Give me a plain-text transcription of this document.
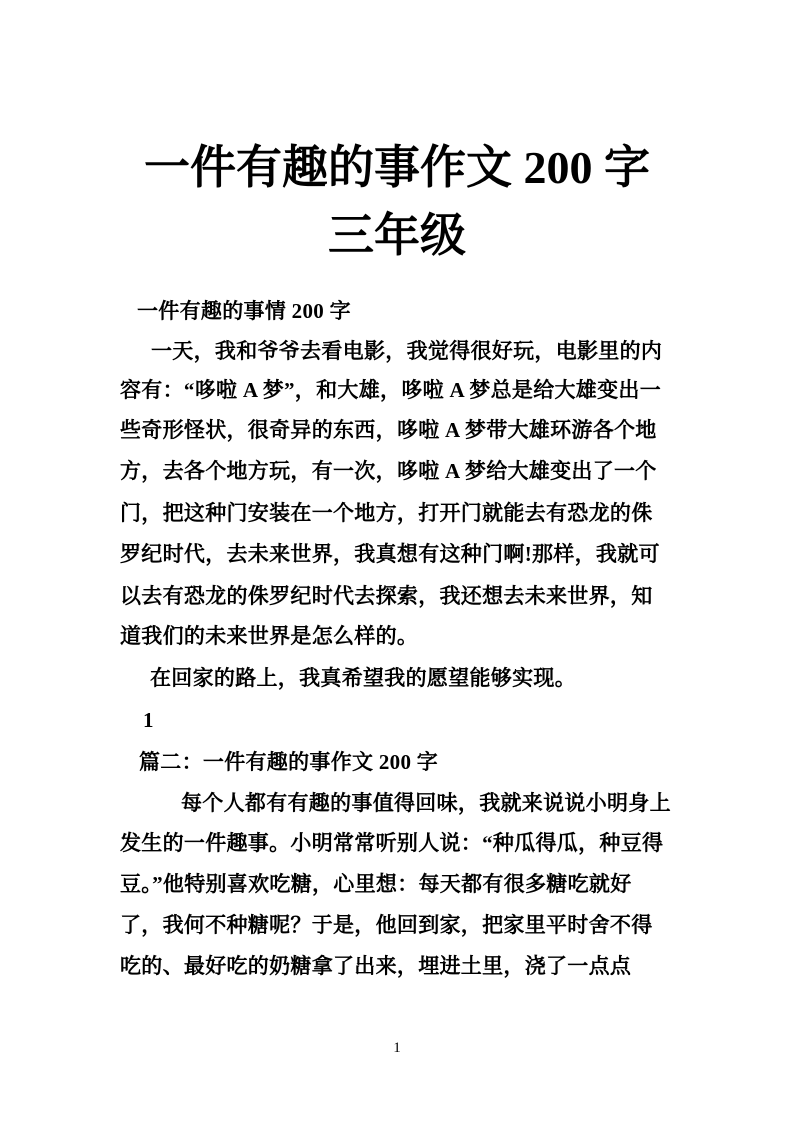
一件有趣的事作文 200 字
三年级
一件有趣的事情 200 字
一天，我和爷爷去看电影，我觉得很好玩，电影里的内
容有：“哆啦 A 梦”，和大雄，哆啦 A 梦总是给大雄变出一
些奇形怪状，很奇异的东西，哆啦 A 梦带大雄环游各个地
方，去各个地方玩，有一次，哆啦 A 梦给大雄变出了一个
门，把这种门安装在一个地方，打开门就能去有恐龙的侏
罗纪时代，去未来世界，我真想有这种门啊!那样，我就可
以去有恐龙的侏罗纪时代去探索，我还想去未来世界，知
道我们的未来世界是怎么样的。
在回家的路上，我真希望我的愿望能够实现。
1
篇二：一件有趣的事作文 200 字
每个人都有有趣的事值得回味，我就来说说小明身上
发生的一件趣事。小明常常听别人说：“种瓜得瓜，种豆得
豆。”他特别喜欢吃糖，心里想：每天都有很多糖吃就好
了，我何不种糖呢？于是，他回到家，把家里平时舍不得
吃的、最好吃的奶糖拿了出来，埋进土里，浇了一点点
1
